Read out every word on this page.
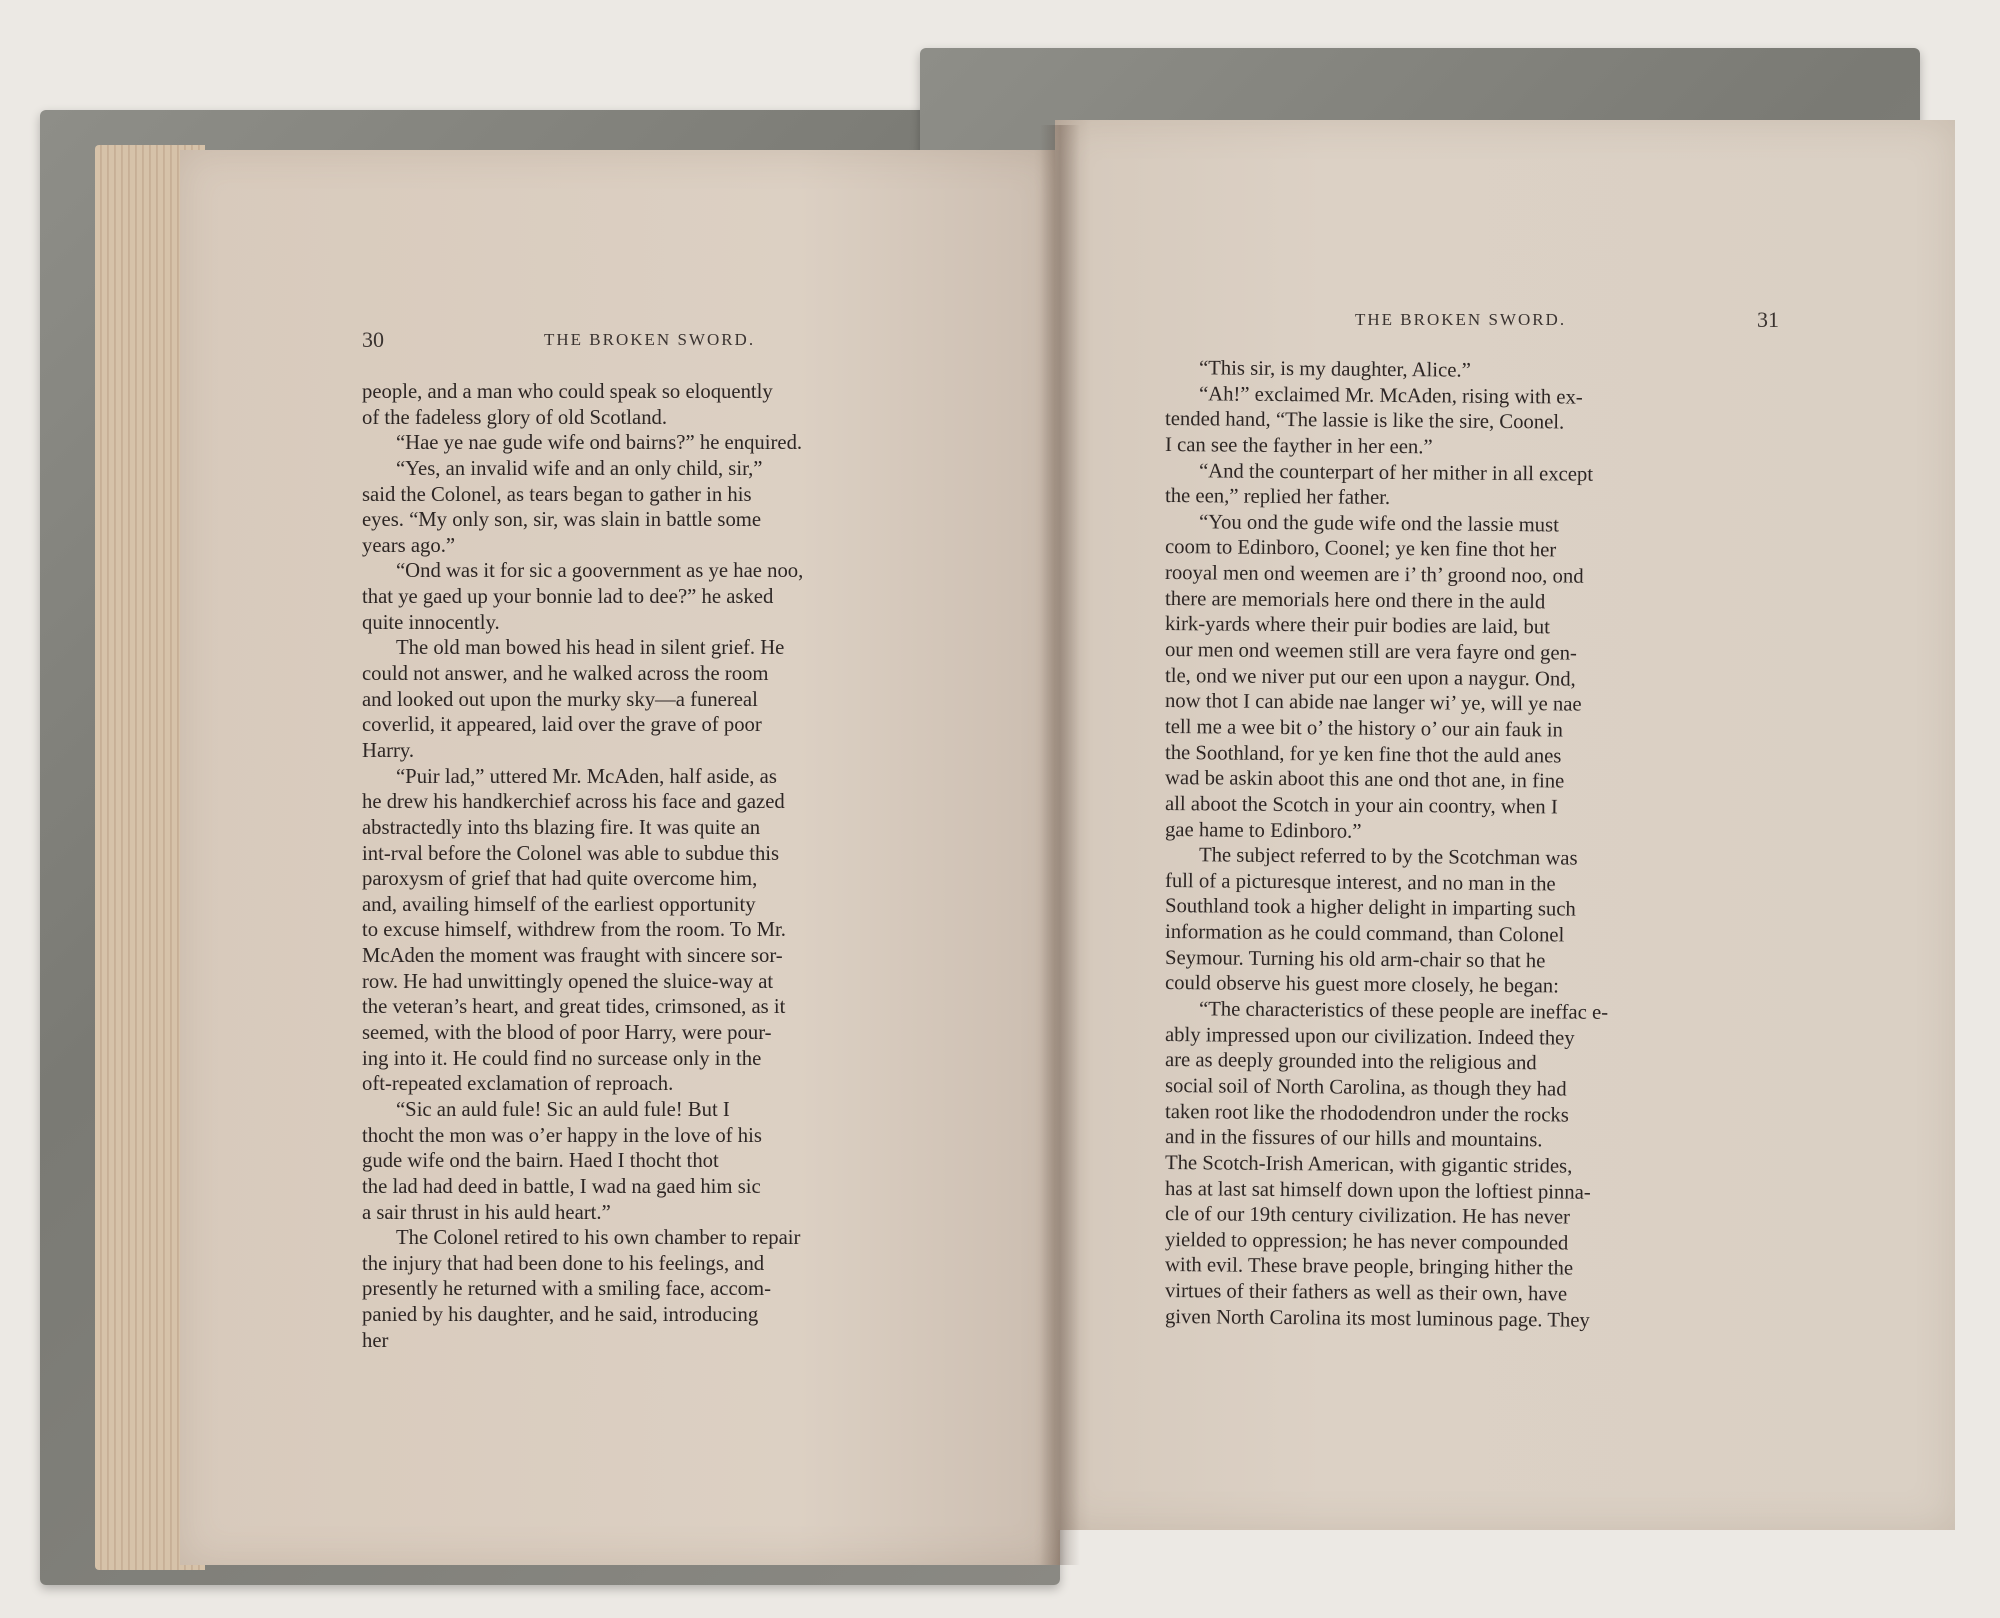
30	THE BROKEN SWORD.
people, and a man who could speak so eloquently
of the fadeless glory of old Scotland.
“Hae ye nae gude wife ond bairns?” he enquired.
“Yes, an invalid wife and an only child, sir,”
said the Colonel, as tears began to gather in his
eyes. “My only son, sir, was slain in battle some
years ago.”
“Ond was it for sic a goovernment as ye hae noo,
that ye gaed up your bonnie lad to dee?” he asked
quite innocently.
The old man bowed his head in silent grief. He
could not answer, and he walked across the room
and looked out upon the murky sky—a funereal
coverlid, it appeared, laid over the grave of poor
Harry.
“Puir lad,” uttered Mr. McAden, half aside, as
he drew his handkerchief across his face and gazed
abstractedly into ths blazing fire. It was quite an
int-rval before the Colonel was able to subdue this
paroxysm of grief that had quite overcome him,
and, availing himself of the earliest opportunity
to excuse himself, withdrew from the room. To Mr.
McAden the moment was fraught with sincere sor-
row. He had unwittingly opened the sluice-way at
the veteran’s heart, and great tides, crimsoned, as it
seemed, with the blood of poor Harry, were pour-
ing into it. He could find no surcease only in the
oft-repeated exclamation of reproach.
“Sic an auld fule! Sic an auld fule! But I
thocht the mon was o’er happy in the love of his
gude wife ond the bairn. Haed I thocht thot
the lad had deed in battle, I wad na gaed him sic
a sair thrust in his auld heart.”
The Colonel retired to his own chamber to repair
the injury that had been done to his feelings, and
presently he returned with a smiling face, accom-
panied by his daughter, and he said, introducing
her
THE BROKEN SWORD.	31
“This sir, is my daughter, Alice.”
“Ah!” exclaimed Mr. McAden, rising with ex-
tended hand, “The lassie is like the sire, Coonel.
I can see the fayther in her een.”
“And the counterpart of her mither in all except
the een,” replied her father.
“You ond the gude wife ond the lassie must
coom to Edinboro, Coonel; ye ken fine thot her
rooyal men ond weemen are i’ th’ groond noo, ond
there are memorials here ond there in the auld
kirk-yards where their puir bodies are laid, but
our men ond weemen still are vera fayre ond gen-
tle, ond we niver put our een upon a naygur. Ond,
now thot I can abide nae langer wi’ ye, will ye nae
tell me a wee bit o’ the history o’ our ain fauk in
the Soothland, for ye ken fine thot the auld anes
wad be askin aboot this ane ond thot ane, in fine
all aboot the Scotch in your ain coontry, when I
gae hame to Edinboro.”
The subject referred to by the Scotchman was
full of a picturesque interest, and no man in the
Southland took a higher delight in imparting such
information as he could command, than Colonel
Seymour. Turning his old arm-chair so that he
could observe his guest more closely, he began:
“The characteristics of these people are ineffac e-
ably impressed upon our civilization. Indeed they
are as deeply grounded into the religious and
social soil of North Carolina, as though they had
taken root like the rhododendron under the rocks
and in the fissures of our hills and mountains.
The Scotch-Irish American, with gigantic strides,
has at last sat himself down upon the loftiest pinna-
cle of our 19th century civilization. He has never
yielded to oppression; he has never compounded
with evil. These brave people, bringing hither the
virtues of their fathers as well as their own, have
given North Carolina its most luminous page. They
